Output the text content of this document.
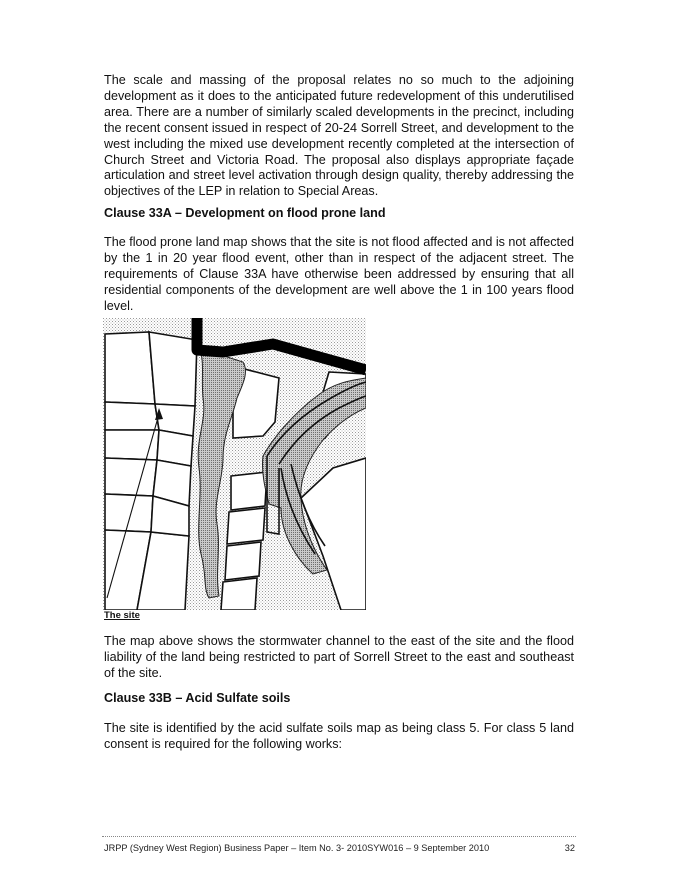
The scale and massing of the proposal relates no so much to the adjoining development as it does to the anticipated future redevelopment of this underutilised area. There are a number of similarly scaled developments in the precinct, including the recent consent issued in respect of 20-24 Sorrell Street, and development to the west including the mixed use development recently completed at the intersection of Church Street and Victoria Road. The proposal also displays appropriate façade articulation and street level activation through design quality, thereby addressing the objectives of the LEP in relation to Special Areas.

Clause 33A – Development on flood prone land

The flood prone land map shows that the site is not flood affected and is not affected by the 1 in 20 year flood event, other than in respect of the adjacent street. The requirements of Clause 33A have otherwise been addressed by ensuring that all residential components of the development are well above the 1 in 100 years flood level.

The site

The map above shows the stormwater channel to the east of the site and the flood liability of the land being restricted to part of Sorrell Street to the east and southeast of the site.

Clause 33B – Acid Sulfate soils

The site is identified by the acid sulfate soils map as being class 5. For class 5 land consent is required for the following works:

JRPP (Sydney West Region) Business Paper – Item No. 3- 2010SYW016 – 9 September 2010	32
